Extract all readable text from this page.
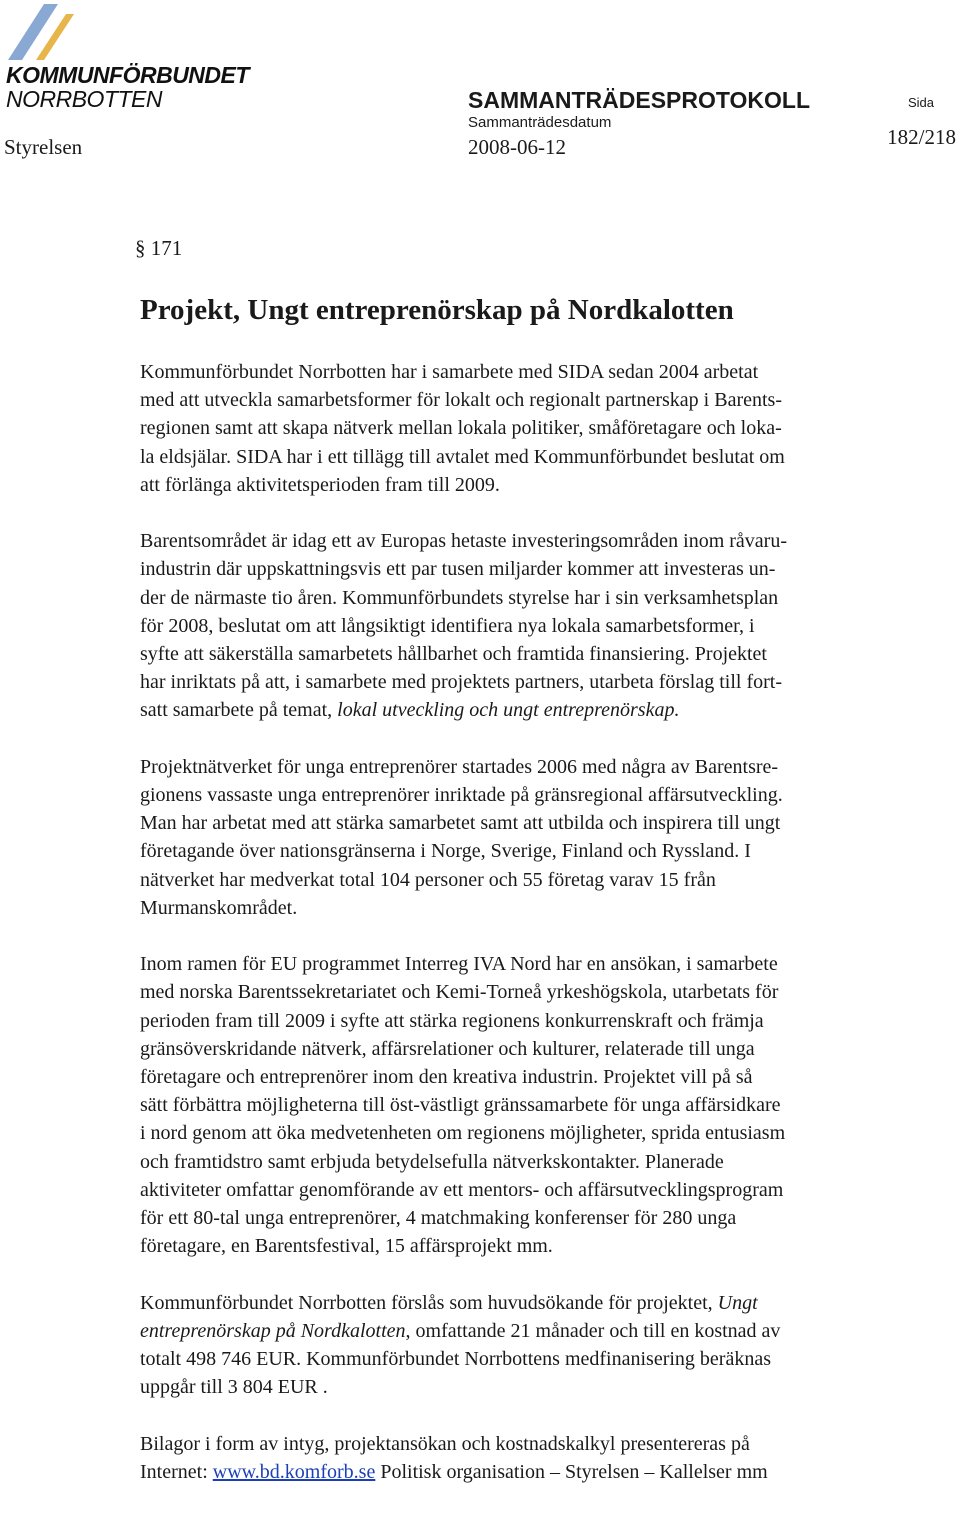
KOMMUNFÖRBUNDET
NORRBOTTEN	SAMMANTRÄDESPROTOKOLL	Sida
Sammanträdesdatum
Styrelsen	2008-06-12	182/218
§ 171
Projekt, Ungt entreprenörskap på Nordkalotten

Kommunförbundet Norrbotten har i samarbete med SIDA sedan 2004 arbetat
med att utveckla samarbetsformer för lokalt och regionalt partnerskap i Barents-
regionen samt att skapa nätverk mellan lokala politiker, småföretagare och loka-
la eldsjälar. SIDA har i ett tillägg till avtalet med Kommunförbundet beslutat om
att förlänga aktivitetsperioden fram till 2009.

Barentsområdet är idag ett av Europas hetaste investeringsområden inom råvaru-
industrin där uppskattningsvis ett par tusen miljarder kommer att investeras un-
der de närmaste tio åren. Kommunförbundets styrelse har i sin verksamhetsplan
för 2008, beslutat om att långsiktigt identifiera nya lokala samarbetsformer, i
syfte att säkerställa samarbetets hållbarhet och framtida finansiering. Projektet
har inriktats på att, i samarbete med projektets partners, utarbeta förslag till fort-
satt samarbete på temat, lokal utveckling och ungt entreprenörskap.

Projektnätverket för unga entreprenörer startades 2006 med några av Barentsre-
gionens vassaste unga entreprenörer inriktade på gränsregional affärsutveckling.
Man har arbetat med att stärka samarbetet samt att utbilda och inspirera till ungt
företagande över nationsgränserna i Norge, Sverige, Finland och Ryssland. I
nätverket har medverkat total 104 personer och 55 företag varav 15 från
Murmanskområdet.

Inom ramen för EU programmet Interreg IVA Nord har en ansökan, i samarbete
med norska Barentssekretariatet och Kemi-Torneå yrkeshögskola, utarbetats för
perioden fram till 2009 i syfte att stärka regionens konkurrenskraft och främja
gränsöverskridande nätverk, affärsrelationer och kulturer, relaterade till unga
företagare och entreprenörer inom den kreativa industrin. Projektet vill på så
sätt förbättra möjligheterna till öst-västligt gränssamarbete för unga affärsidkare
i nord genom att öka medvetenheten om regionens möjligheter, sprida entusiasm
och framtidstro samt erbjuda betydelsefulla nätverkskontakter. Planerade
aktiviteter omfattar genomförande av ett mentors- och affärsutvecklingsprogram
för ett 80-tal unga entreprenörer, 4 matchmaking konferenser för 280 unga
företagare, en Barentsfestival, 15 affärsprojekt mm.

Kommunförbundet Norrbotten förslås som huvudsökande för projektet, Ungt
entreprenörskap på Nordkalotten, omfattande 21 månader och till en kostnad av
totalt 498 746 EUR. Kommunförbundet Norrbottens medfinanisering beräknas
uppgår till 3 804 EUR .

Bilagor i form av intyg, projektansökan och kostnadskalkyl presentereras på
Internet: www.bd.komforb.se Politisk organisation – Styrelsen – Kallelser mm
